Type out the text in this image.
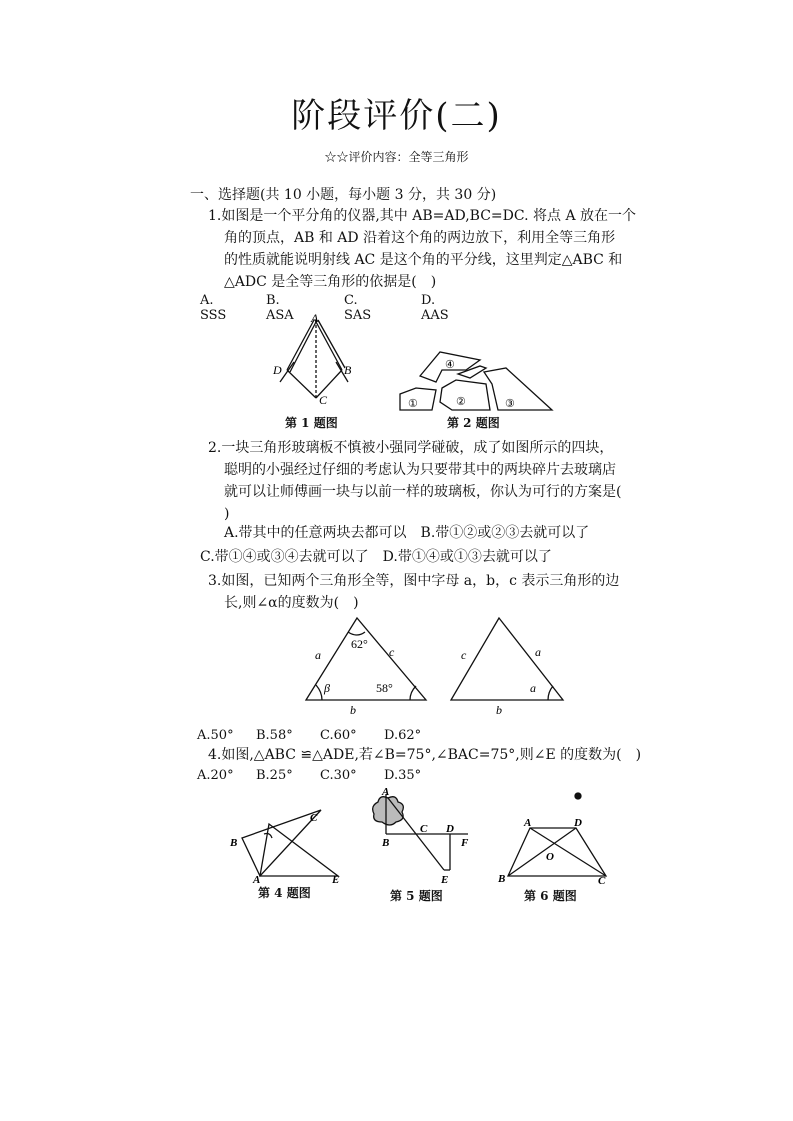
阶段评价(二)
☆☆评价内容：全等三角形
一、选择题(共 10 小题，每小题 3 分，共 30 分)
1.如图是一个平分角的仪器,其中 AB=AD,BC=DC. 将点 A 放在一个
角的顶点，AB 和 AD 沿着这个角的两边放下，利用全等三角形
的性质就能说明射线 AC 是这个角的平分线，这里判定△ABC 和
△ADC 是全等三角形的依据是(　)
A. SSS
B. ASA
C. SAS
D. AAS
A
D	B
C
第 1 题图
④
①	②	③
第 2 题图
2.一块三角形玻璃板不慎被小强同学碰破，成了如图所示的四块，
聪明的小强经过仔细的考虑认为只要带其中的两块碎片去玻璃店
就可以让师傅画一块与以前一样的玻璃板，你认为可行的方案是(
)
A.带其中的任意两块去都可以　B.带①②或②③去就可以了
C.带①④或③④去就可以了　D.带①④或①③去就可以了
3.如图，已知两个三角形全等，图中字母 a，b，c 表示三角形的边
长,则∠α的度数为(　)
62°
β	58°
a	c
b
c	a
b
a
A.50° B.58° C.60° D.62°
4.如图,△ABC ≌△ADE,若∠B=75°,∠BAC=75°,则∠E 的度数为(　)
A.20° B.25° C.30° D.35°
B
C
A	E
第 4 题图
A
B
C D
F
E
第 5 题图
A	D
O
B	C
第 6 题图
